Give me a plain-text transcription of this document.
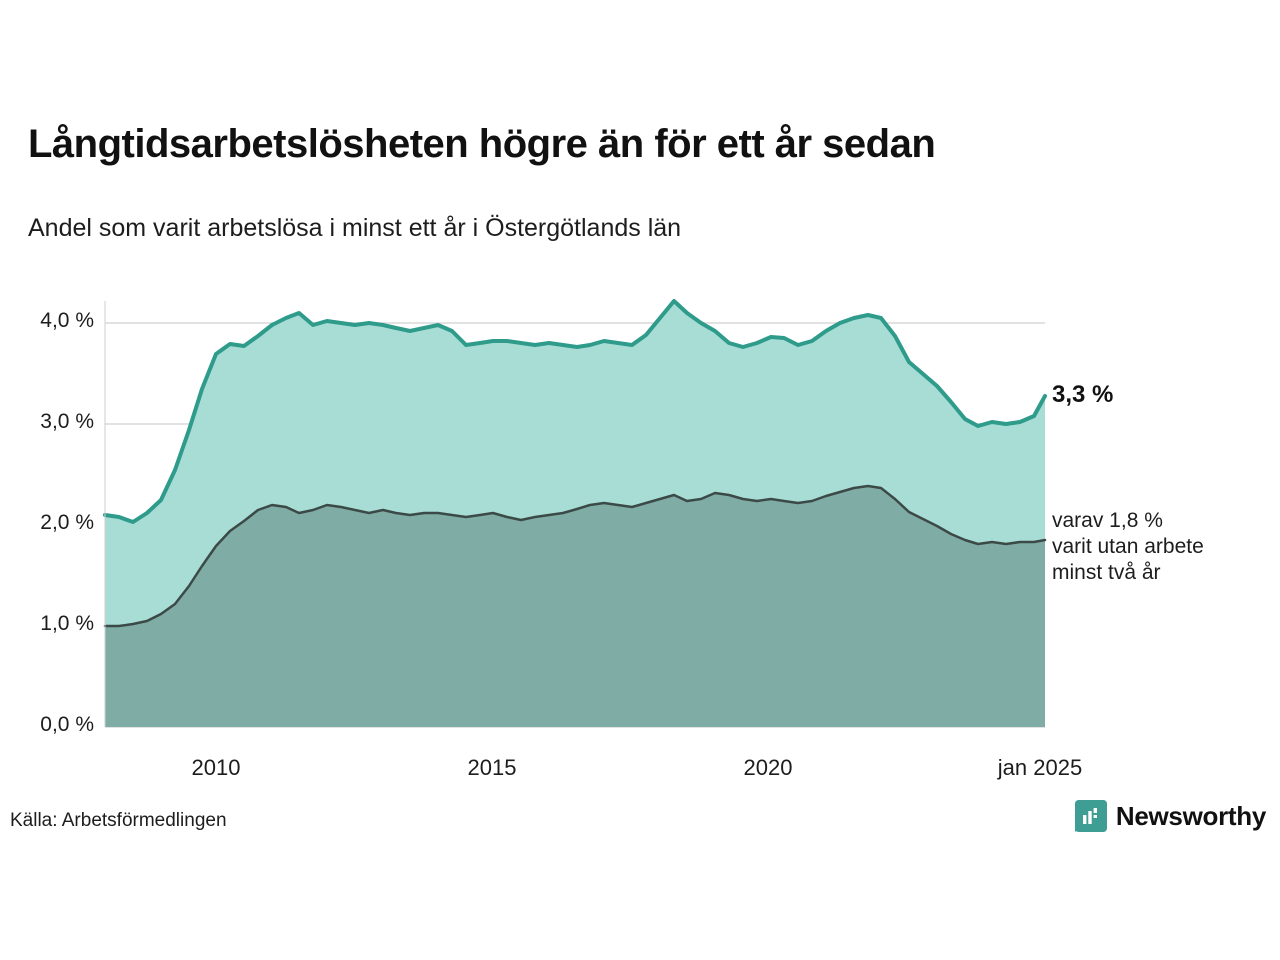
Långtidsarbetslösheten högre än för ett år sedan
Andel som varit arbetslösa i minst ett år i Östergötlands län
0,0 %
1,0 %
2,0 %
3,0 %
4,0 %
2010	2015	2020	jan 2025
3,3 %
varav 1,8 %
varit utan arbete
minst två år
Källa: Arbetsförmedlingen	Newsworthy
